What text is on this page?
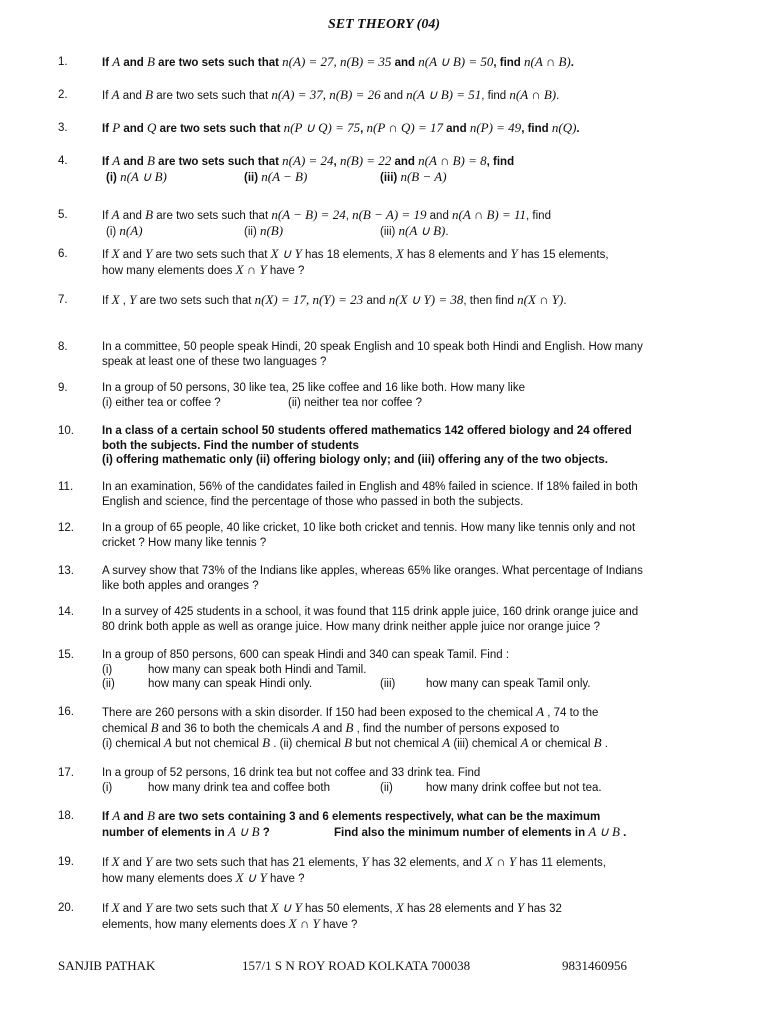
SET THEORY (04)
1.	If A and B are two sets such that n(A) = 27, n(B) = 35 and n(A ∪ B) = 50, find n(A ∩ B).
2.	If A and B are two sets such that n(A) = 37, n(B) = 26 and n(A ∪ B) = 51, find n(A ∩ B).
3.	If P and Q are two sets such that n(P ∪ Q) = 75, n(P ∩ Q) = 17 and n(P) = 49, find n(Q).
4.	If A and B are two sets such that n(A) = 24, n(B) = 22 and n(A ∩ B) = 8, find
(i) n(A ∪ B)	(ii) n(A − B)	(iii) n(B − A)
5.	If A and B are two sets such that n(A − B) = 24, n(B − A) = 19 and n(A ∩ B) = 11, find
(i) n(A)	(ii) n(B)	(iii) n(A ∪ B).
6.	If X and Y are two sets such that X ∪ Y has 18 elements, X has 8 elements and Y has 15 elements,
how many elements does X ∩ Y have ?
7.	If X , Y are two sets such that n(X) = 17, n(Y) = 23 and n(X ∪ Y) = 38, then find n(X ∩ Y).
8.	In a committee, 50 people speak Hindi, 20 speak English and 10 speak both Hindi and English. How many
speak at least one of these two languages ?
9.	In a group of 50 persons, 30 like tea, 25 like coffee and 16 like both. How many like
(i) either tea or coffee ?	(ii) neither tea nor coffee ?
10.	In a class of a certain school 50 students offered mathematics 142 offered biology and 24 offered
both the subjects. Find the number of students
(i) offering mathematic only (ii) offering biology only; and (iii) offering any of the two objects.
11.	In an examination, 56% of the candidates failed in English and 48% failed in science. If 18% failed in both
English and science, find the percentage of those who passed in both the subjects.
12.	In a group of 65 people, 40 like cricket, 10 like both cricket and tennis. How many like tennis only and not
cricket ? How many like tennis ?
13.	A survey show that 73% of the Indians like apples, whereas 65% like oranges. What percentage of Indians
like both apples and oranges ?
14.	In a survey of 425 students in a school, it was found that 115 drink apple juice, 160 drink orange juice and
80 drink both apple as well as orange juice. How many drink neither apple juice nor orange juice ?
15.	In a group of 850 persons, 600 can speak Hindi and 340 can speak Tamil. Find :
(i)	how many can speak both Hindi and Tamil.
(ii)	how many can speak Hindi only.	(iii)	how many can speak Tamil only.
16.	There are 260 persons with a skin disorder. If 150 had been exposed to the chemical A , 74 to the
chemical B and 36 to both the chemicals A and B , find the number of persons exposed to
(i) chemical A but not chemical B . (ii) chemical B but not chemical A (iii) chemical A or chemical B .
17.	In a group of 52 persons, 16 drink tea but not coffee and 33 drink tea. Find
(i)	how many drink tea and coffee both	(ii)	how many drink coffee but not tea.
18.	If A and B are two sets containing 3 and 6 elements respectively, what can be the maximum
number of elements in A ∪ B ?	Find also the minimum number of elements in A ∪ B .
19.	If X and Y are two sets such that has 21 elements, Y has 32 elements, and X ∩ Y has 11 elements,
how many elements does X ∪ Y have ?
20.	If X and Y are two sets such that X ∪ Y has 50 elements, X has 28 elements and Y has 32
elements, how many elements does X ∩ Y have ?
SANJIB PATHAK	157/1 S N ROY ROAD KOLKATA 700038	9831460956
